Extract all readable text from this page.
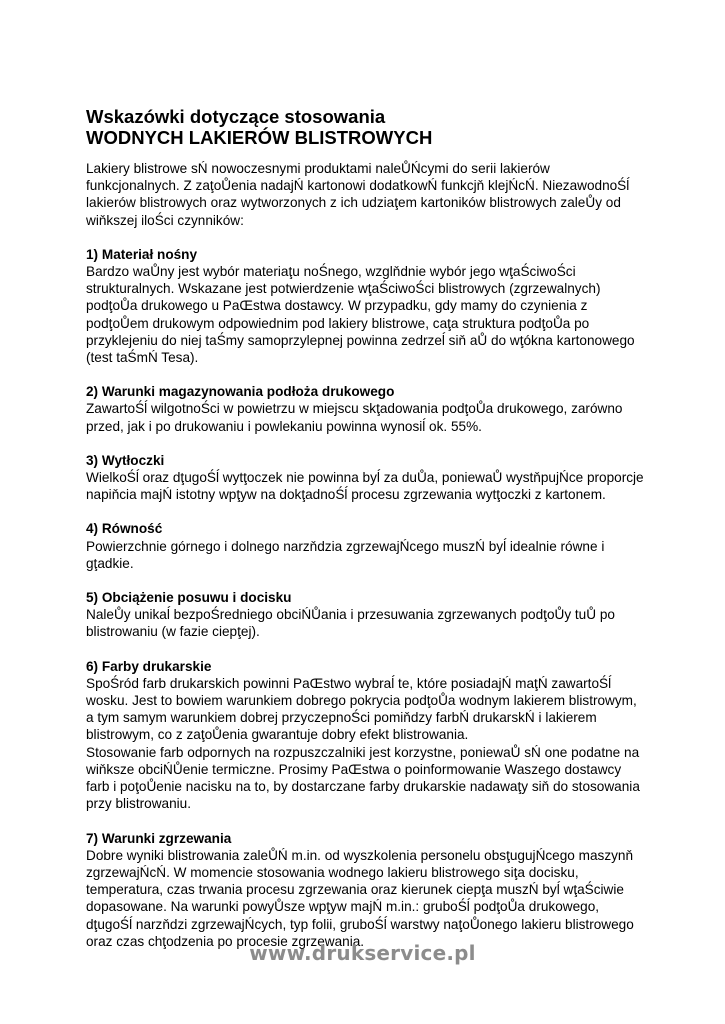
Wskazówki dotyczące stosowania
WODNYCH LAKIERÓW BLISTROWYCH

Lakiery blistrowe sŃ nowoczesnymi produktami naleŮŃcymi do serii lakierów funkcjonalnych. Z zaţoŮenia nadajŃ kartonowi dodatkowŃ funkcjň klejŃcŃ. NiezawodnoŚĺ lakierów blistrowych oraz wytworzonych z ich udziaţem kartoników blistrowych zaleŮy od wiňkszej iloŚci czynników:

1) Materiał nośny

Bardzo waŮny jest wybór materiaţu noŚnego, wzglňdnie wybór jego wţaŚciwoŚci strukturalnych. Wskazane jest potwierdzenie wţaŚciwoŚci blistrowych (zgrzewalnych) podţoŮa drukowego u PaŒstwa dostawcy. W przypadku, gdy mamy do czynienia z podţoŮem drukowym odpowiednim pod lakiery blistrowe, caţa struktura podţoŮa po przyklejeniu do niej taŚmy samoprzylepnej powinna zedrzeĺ siň aŮ do wţókna kartonowego (test taŚmŃ Tesa).

2) Warunki magazynowania podłoża drukowego

ZawartoŚĺ wilgotnoŚci w powietrzu w miejscu skţadowania podţoŮa drukowego, zarówno przed, jak i po drukowaniu i powlekaniu powinna wynosiĺ ok. 55%.

3) Wytłoczki

WielkoŚĺ oraz dţugoŚĺ wytţoczek nie powinna byĺ za duŮa, poniewaŮ wystňpujŃce proporcje napiňcia majŃ istotny wpţyw na dokţadnoŚĺ procesu zgrzewania wytţoczki z kartonem.

4) Równość

Powierzchnie górnego i dolnego narzňdzia zgrzewajŃcego muszŃ byĺ idealnie równe i gţadkie.

5) Obciążenie posuwu i docisku

NaleŮy unikaĺ bezpoŚredniego obciŃŮania i przesuwania zgrzewanych podţoŮy tuŮ po blistrowaniu (w fazie ciepţej).

6) Farby drukarskie

SpoŚród farb drukarskich powinni PaŒstwo wybraĺ te, które posiadajŃ maţŃ zawartoŚĺ wosku. Jest to bowiem warunkiem dobrego pokrycia podţoŮa wodnym lakierem blistrowym, a tym samym warunkiem dobrej przyczepnoŚci pomiňdzy farbŃ drukarskŃ i lakierem blistrowym, co z zaţoŮenia gwarantuje dobry efekt blistrowania.

Stosowanie farb odpornych na rozpuszczalniki jest korzystne, poniewaŮ sŃ one podatne na wiňksze obciŃŮenie termiczne. Prosimy PaŒstwa o poinformowanie Waszego dostawcy farb i poţoŮenie nacisku na to, by dostarczane farby drukarskie nadawaţy siň do stosowania przy blistrowaniu.

7) Warunki zgrzewania

Dobre wyniki blistrowania zaleŮŃ m.in. od wyszkolenia personelu obsţugujŃcego maszynň zgrzewajŃcŃ. W momencie stosowania wodnego lakieru blistrowego siţa docisku, temperatura, czas trwania procesu zgrzewania oraz kierunek ciepţa muszŃ byĺ wţaŚciwie dopasowane. Na warunki powyŮsze wpţyw majŃ m.in.: gruboŚĺ podţoŮa drukowego, dţugoŚĺ narzňdzi zgrzewajŃcych, typ folii, gruboŚĺ warstwy naţoŮonego lakieru blistrowego oraz czas chţodzenia po procesie zgrzewania.

www.drukservice.pl
